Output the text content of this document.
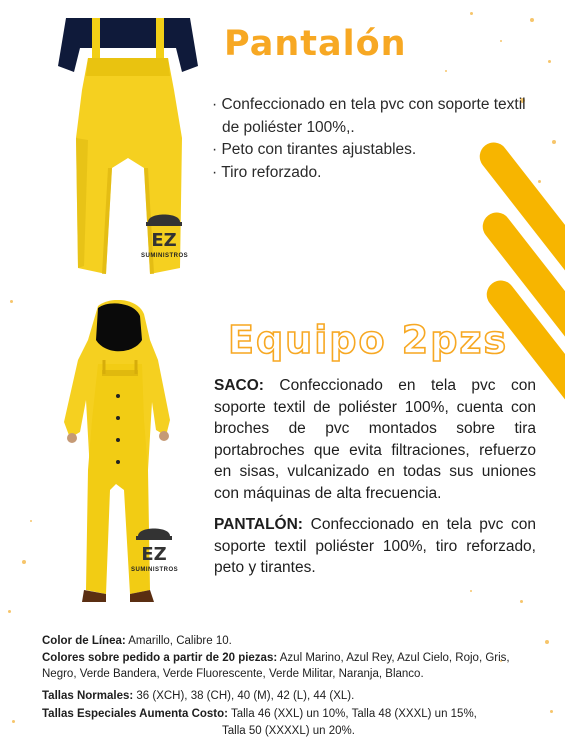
EZ
SUMINISTROS
Pantalón
· Confeccionado en tela pvc con soporte textil de poliéster 100%,.
· Peto con tirantes ajustables.
· Tiro reforzado.
EZ
SUMINISTROS
Equipo 2pzs

SACO: Confeccionado en tela pvc con soporte textil de poliéster 100%, cuenta con broches de pvc montados sobre tira portabroches que evita filtraciones, refuerzo en sisas, vulcanizado en todas sus uniones con máquinas de alta frecuencia.

PANTALÓN: Confeccionado en tela pvc con soporte textil poliéster 100%, tiro reforzado, peto y tirantes.

Color de Línea: Amarillo, Calibre 10.

Colores sobre pedido a partir de 20 piezas: Azul Marino, Azul Rey, Azul Cielo, Rojo, Gris,

Negro, Verde Bandera, Verde Fluorescente, Verde Militar, Naranja, Blanco.

Tallas Normales: 36 (XCH), 38 (CH), 40 (M), 42 (L), 44 (XL).

Tallas Especiales Aumenta Costo: Talla 46 (XXL) un 10%, Talla 48 (XXXL) un 15%,

Talla 50 (XXXXL) un 20%.
